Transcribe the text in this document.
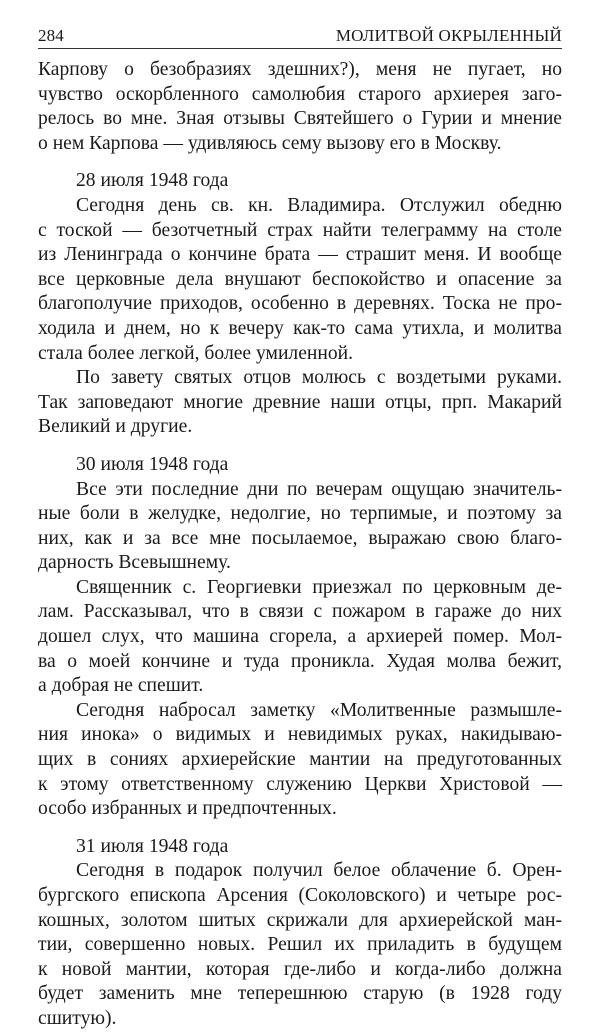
284	МОЛИТВОЙ ОКРЫЛЕННЫЙ

Карпову о безобразиях здешних?), меня не пугает, но
чувство оскорбленного самолюбия старого архиерея заго-
релось во мне. Зная отзывы Святейшего о Гурии и мнение
о нем Карпова — удивляюсь сему вызову его в Москву.

28 июля 1948 года

Сегодня день св. кн. Владимира. Отслужил обедню
с тоской — безотчетный страх найти телеграмму на столе
из Ленинграда о кончине брата — страшит меня. И вообще
все церковные дела внушают беспокойство и опасение за
благополучие приходов, особенно в деревнях. Тоска не про-
ходила и днем, но к вечеру как-то сама утихла, и молитва
стала более легкой, более умиленной.

По завету святых отцов молюсь с воздетыми руками.
Так заповедают многие древние наши отцы, прп. Макарий
Великий и другие.

30 июля 1948 года

Все эти последние дни по вечерам ощущаю значитель-
ные боли в желудке, недолгие, но терпимые, и поэтому за
них, как и за все мне посылаемое, выражаю свою благо-
дарность Всевышнему.

Священник с. Георгиевки приезжал по церковным де-
лам. Рассказывал, что в связи с пожаром в гараже до них
дошел слух, что машина сгорела, а архиерей помер. Мол-
ва о моей кончине и туда проникла. Худая молва бежит,
а добрая не спешит.

Сегодня набросал заметку «Молитвенные размышле-
ния инока» о видимых и невидимых руках, накидываю-
щих в сониях архиерейские мантии на предуготованных
к этому ответственному служению Церкви Христовой —
особо избранных и предпочтенных.

31 июля 1948 года

Сегодня в подарок получил белое облачение б. Орен-
бургского епископа Арсения (Соколовского) и четыре рос-
кошных, золотом шитых скрижали для архиерейской ман-
тии, совершенно новых. Решил их приладить в будущем
к новой мантии, которая где-либо и когда-либо должна
будет заменить мне теперешнюю старую (в 1928 году
сшитую).
